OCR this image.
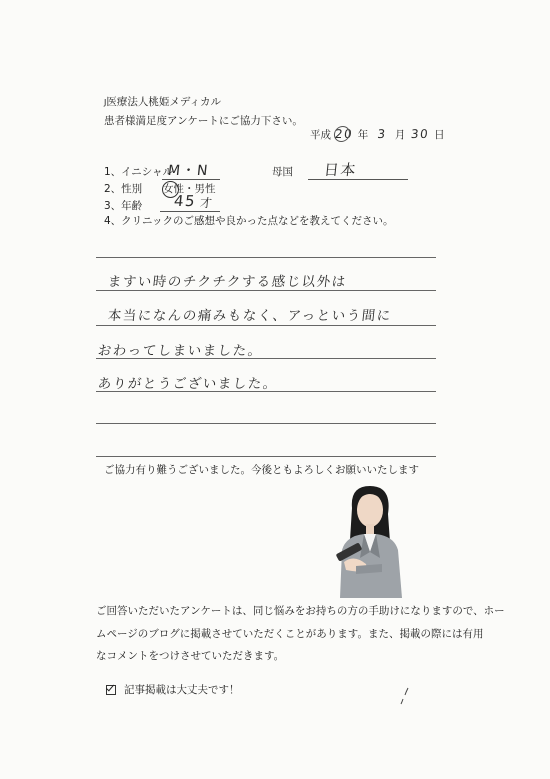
J医療法人桃姫メディカル
患者様満足度アンケートにご協力下さい。
平成 20 年 3 月 30 日
1、イニシャル
M・N	母国 日本
2、性別 女性・男性
3、年齢 45 才
4、クリニックのご感想や良かった点などを教えてください。
ますい時のチクチクする感じ以外は
本当になんの痛みもなく、アっという間に
おわってしまいました。
ありがとうございました。
ご協力有り難うございました。今後ともよろしくお願いいたします
ご回答いただいたアンケートは、同じ悩みをお持ちの方の手助けになりますので、ホー
ムページのブログに掲載させていただくことがあります。また、掲載の際には有用
なコメントをつけさせていただきます。
記事掲載は大丈夫です！
